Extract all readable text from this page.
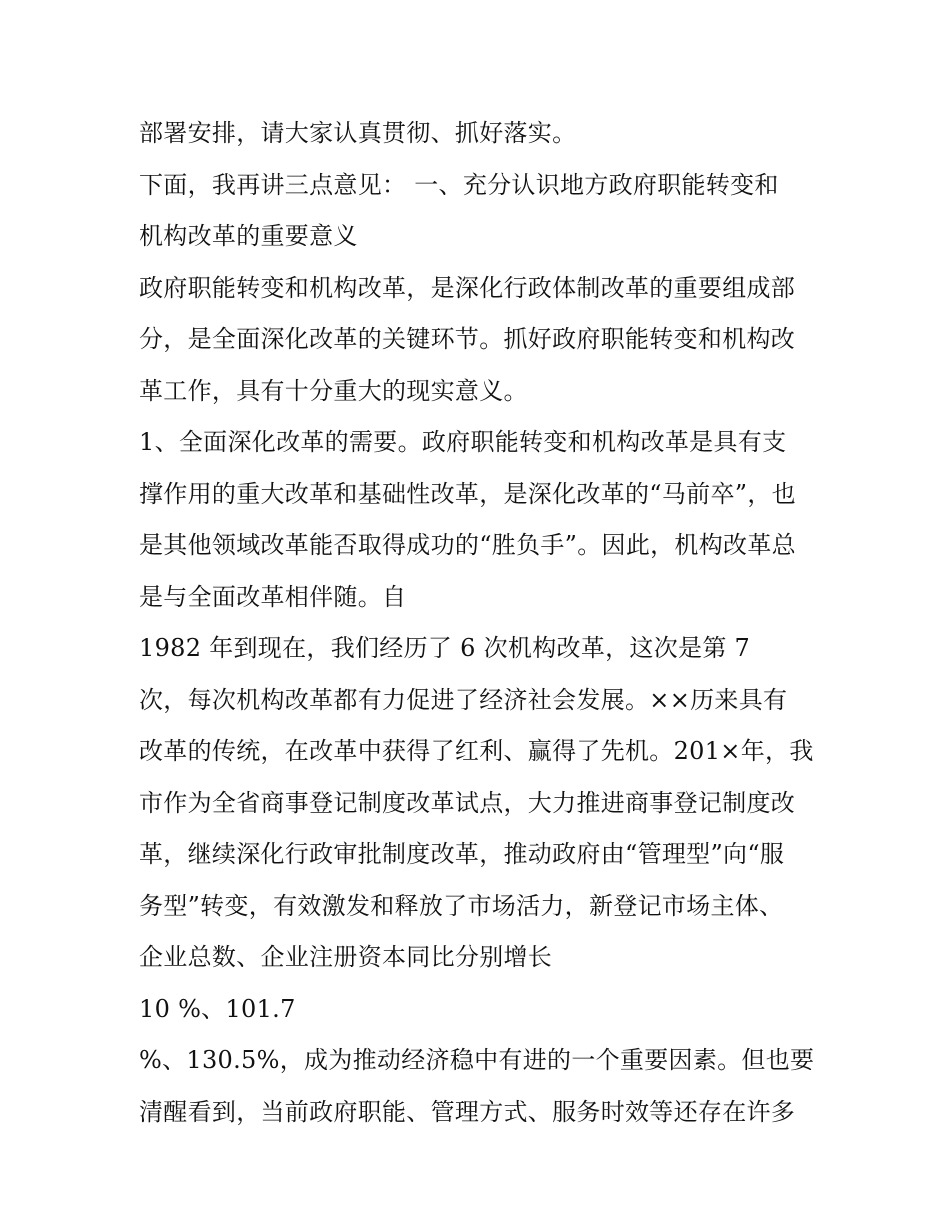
部署安排，请大家认真贯彻、抓好落实。
下面，我再讲三点意见： 一、充分认识地方政府职能转变和
机构改革的重要意义
政府职能转变和机构改革，是深化行政体制改革的重要组成部
分，是全面深化改革的关键环节。抓好政府职能转变和机构改
革工作，具有十分重大的现实意义。
1、全面深化改革的需要。政府职能转变和机构改革是具有支
撑作用的重大改革和基础性改革，是深化改革的“马前卒”，也
是其他领域改革能否取得成功的“胜负手”。因此，机构改革总
是与全面改革相伴随。自
1982 年到现在，我们经历了 6 次机构改革，这次是第 7
次，每次机构改革都有力促进了经济社会发展。××历来具有
改革的传统，在改革中获得了红利、赢得了先机。201×年，我
市作为全省商事登记制度改革试点，大力推进商事登记制度改
革，继续深化行政审批制度改革，推动政府由“管理型”向“服
务型”转变，有效激发和释放了市场活力，新登记市场主体、
企业总数、企业注册资本同比分别增长
10 %、101.7
%、130.5%，成为推动经济稳中有进的一个重要因素。但也要
清醒看到，当前政府职能、管理方式、服务时效等还存在许多
